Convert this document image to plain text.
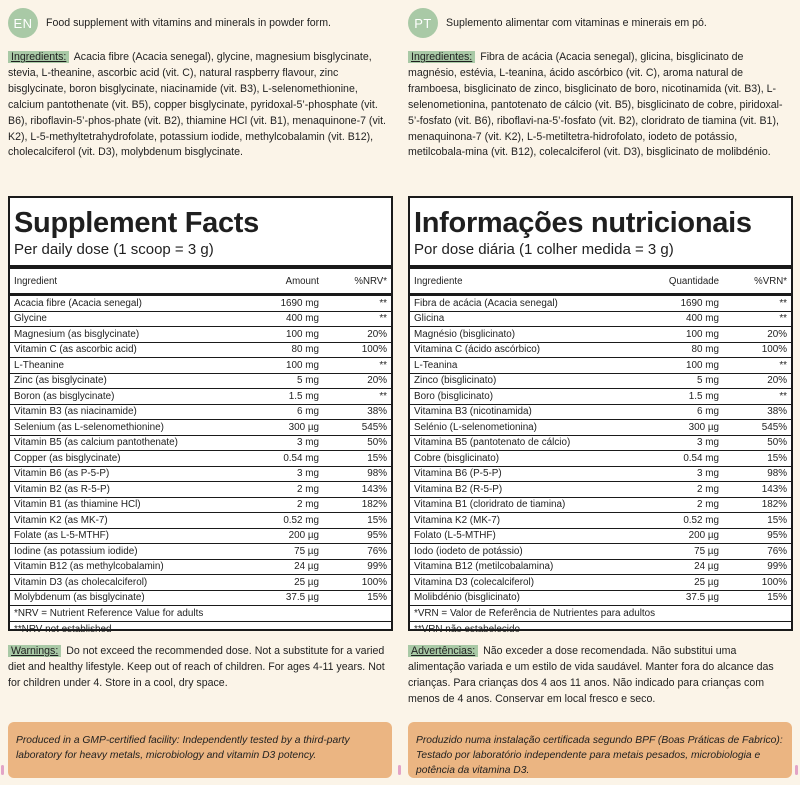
EN	Food supplement with vitamins and minerals in powder form.
Ingredients: Acacia fibre (Acacia senegal), glycine, magnesium bisglycinate, stevia, L-theanine, ascorbic acid (vit. C), natural raspberry flavour, zinc bisglycinate, boron bisglycinate, niacinamide (vit. B3), L-selenomethionine, calcium pantothenate (vit. B5), copper bisglycinate, pyridoxal-5’-phosphate (vit. B6), riboflavin-5’-phos-phate (vit. B2), thiamine HCl (vit. B1), menaquinone-7 (vit. K2), L-5-methyltetrahydrofolate, potassium iodide, methylcobalamin (vit. B12), cholecalciferol (vit. D3), molybdenum bisglycinate.
Supplement Facts
Per daily dose (1 scoop = 3 g)
Ingredient	Amount	%NRV*
Acacia fibre (Acacia senegal)	1690 mg	**
Glycine	400 mg	**
Magnesium (as bisglycinate)	100 mg	20%
Vitamin C (as ascorbic acid)	80 mg	100%
L-Theanine	100 mg	**
Zinc (as bisglycinate)	5 mg	20%
Boron (as bisglycinate)	1.5 mg	**
Vitamin B3 (as niacinamide)	6 mg	38%
Selenium (as L-selenomethionine)	300 µg	545%
Vitamin B5 (as calcium pantothenate)	3 mg	50%
Copper (as bisglycinate)	0.54 mg	15%
Vitamin B6 (as P-5-P)	3 mg	98%
Vitamin B2 (as R-5-P)	2 mg	143%
Vitamin B1 (as thiamine HCl)	2 mg	182%
Vitamin K2 (as MK-7)	0.52 mg	15%
Folate (as L-5-MTHF)	200 µg	95%
Iodine (as potassium iodide)	75 µg	76%
Vitamin B12 (as methylcobalamin)	24 µg	99%
Vitamin D3 (as cholecalciferol)	25 µg	100%
Molybdenum (as bisglycinate)	37.5 µg	15%
*NRV = Nutrient Reference Value for adults
**NRV not established
Warnings: Do not exceed the recommended dose. Not a substitute for a varied diet and healthy lifestyle. Keep out of reach of children. For ages 4-11 years. Not for children under 4. Store in a cool, dry space.
Produced in a GMP-certified facility: Independently tested by a third-party laboratory for heavy metals, microbiology and vitamin D3 potency.
PT	Suplemento alimentar com vitaminas e minerais em pó.
Ingredientes: Fibra de acácia (Acacia senegal), glicina, bisglicinato de magnésio, estévia, L-teanina, ácido ascórbico (vit. C), aroma natural de framboesa, bisglicinato de zinco, bisglicinato de boro, nicotinamida (vit. B3), L-selenometionina, pantotenato de cálcio (vit. B5), bisglicinato de cobre, piridoxal-5’-fosfato (vit. B6), riboflavi-na-5’-fosfato (vit. B2), cloridrato de tiamina (vit. B1), menaquinona-7 (vit. K2), L-5-metiltetra-hidrofolato, iodeto de potássio, metilcobala-mina (vit. B12), colecalciferol (vit. D3), bisglicinato de molibdénio.
Informações nutricionais
Por dose diária (1 colher medida = 3 g)
Ingrediente	Quantidade	%VRN*
Fibra de acácia (Acacia senegal)	1690 mg	**
Glicina	400 mg	**
Magnésio (bisglicinato)	100 mg	20%
Vitamina C (ácido ascórbico)	80 mg	100%
L-Teanina	100 mg	**
Zinco (bisglicinato)	5 mg	20%
Boro (bisglicinato)	1.5 mg	**
Vitamina B3 (nicotinamida)	6 mg	38%
Selénio (L-selenometionina)	300 µg	545%
Vitamina B5 (pantotenato de cálcio)	3 mg	50%
Cobre (bisglicinato)	0.54 mg	15%
Vitamina B6 (P-5-P)	3 mg	98%
Vitamina B2 (R-5-P)	2 mg	143%
Vitamina B1 (cloridrato de tiamina)	2 mg	182%
Vitamina K2 (MK-7)	0.52 mg	15%
Folato (L-5-MTHF)	200 µg	95%
Iodo (iodeto de potássio)	75 µg	76%
Vitamina B12 (metilcobalamina)	24 µg	99%
Vitamina D3 (colecalciferol)	25 µg	100%
Molibdénio (bisglicinato)	37.5 µg	15%
*VRN = Valor de Referência de Nutrientes para adultos
**VRN não estabelecido
Advertências: Não exceder a dose recomendada. Não substitui uma alimentação variada e um estilo de vida saudável. Manter fora do alcance das crianças. Para crianças dos 4 aos 11 anos. Não indicado para crianças com menos de 4 anos. Conservar em local fresco e seco.
Produzido numa instalação certificada segundo BPF (Boas Práticas de Fabrico): Testado por laboratório independente para metais pesados, microbiologia e potência da vitamina D3.
